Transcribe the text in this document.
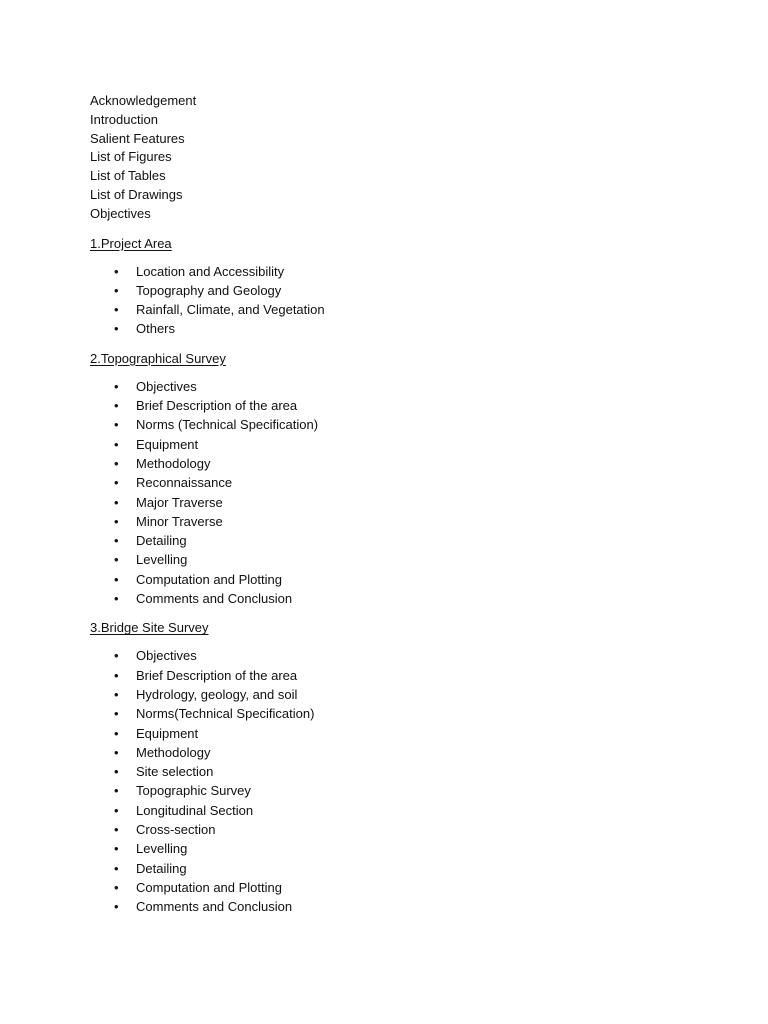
Acknowledgement
Introduction
Salient Features
List of Figures
List of Tables
List of Drawings
Objectives
1.Project Area
• Location and Accessibility
• Topography and Geology
• Rainfall, Climate, and Vegetation
• Others
2.Topographical Survey
• Objectives
• Brief Description of the area
• Norms (Technical Specification)
• Equipment
• Methodology
• Reconnaissance
• Major Traverse
• Minor Traverse
• Detailing
• Levelling
• Computation and Plotting
• Comments and Conclusion
3.Bridge Site Survey
• Objectives
• Brief Description of the area
• Hydrology, geology, and soil
• Norms(Technical Specification)
• Equipment
• Methodology
• Site selection
• Topographic Survey
• Longitudinal Section
• Cross-section
• Levelling
• Detailing
• Computation and Plotting
• Comments and Conclusion
